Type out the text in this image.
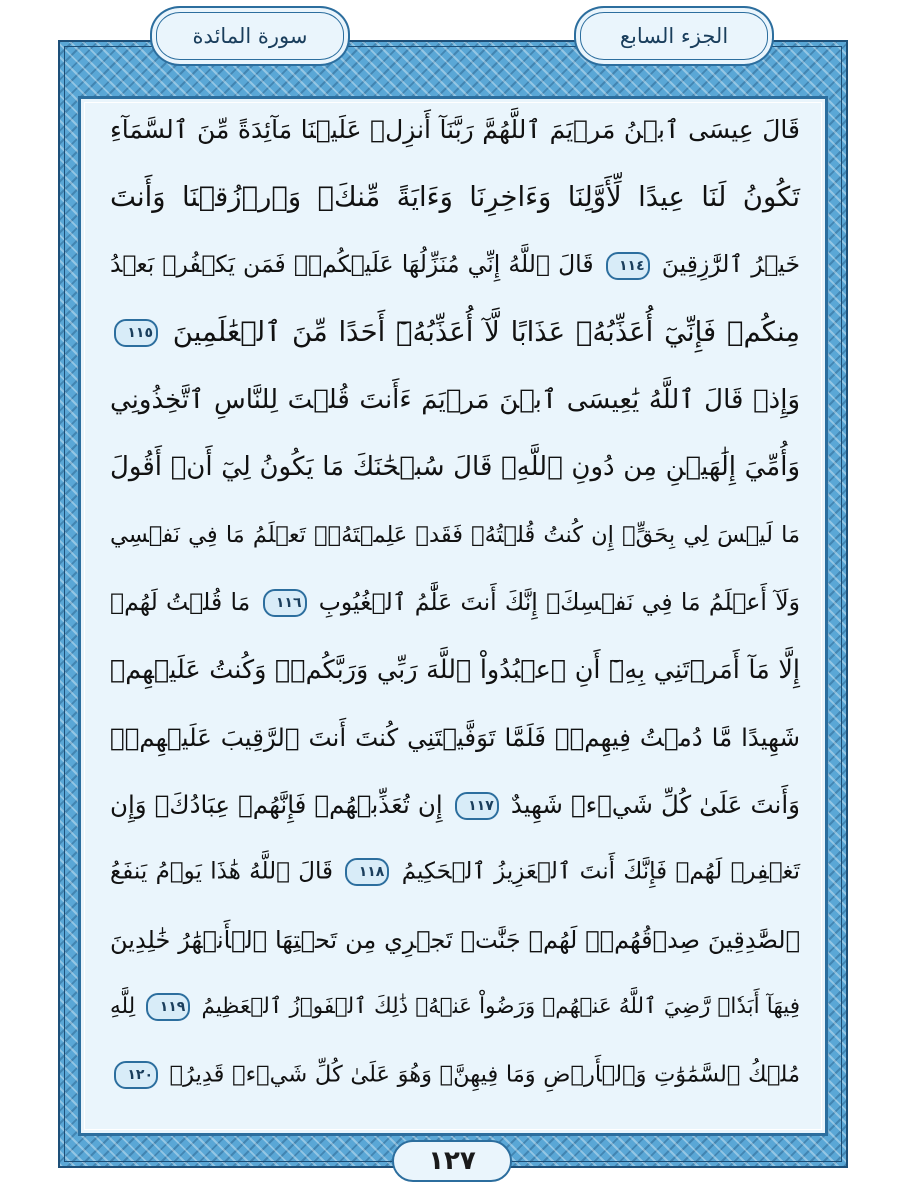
سورة المائدة	الجزء السابع
قَالَ عِيسَى ٱبۡنُ مَرۡيَمَ ٱللَّهُمَّ رَبَّنَآ أَنزِلۡ عَلَيۡنَا مَآئِدَةً مِّنَ ٱلسَّمَآءِ
تَكُونُ لَنَا عِيدًا لِّأَوَّلِنَا وَءَاخِرِنَا وَءَايَةً مِّنكَۖ وَٱرۡزُقۡنَا وَأَنتَ
خَيۡرُ ٱلرَّٰزِقِينَ ١١٤ قَالَ ٱللَّهُ إِنِّي مُنَزِّلُهَا عَلَيۡكُمۡۖ فَمَن يَكۡفُرۡ بَعۡدُ
مِنكُمۡ فَإِنِّيٓ أُعَذِّبُهُۥ عَذَابًا لَّآ أُعَذِّبُهُۥٓ أَحَدًا مِّنَ ٱلۡعَٰلَمِينَ ١١٥
وَإِذۡ قَالَ ٱللَّهُ يَٰعِيسَى ٱبۡنَ مَرۡيَمَ ءَأَنتَ قُلۡتَ لِلنَّاسِ ٱتَّخِذُونِي
وَأُمِّيَ إِلَٰهَيۡنِ مِن دُونِ ٱللَّهِۖ قَالَ سُبۡحَٰنَكَ مَا يَكُونُ لِيٓ أَنۡ أَقُولَ
مَا لَيۡسَ لِي بِحَقٍّۚ إِن كُنتُ قُلۡتُهُۥ فَقَدۡ عَلِمۡتَهُۥۚ تَعۡلَمُ مَا فِي نَفۡسِي
وَلَآ أَعۡلَمُ مَا فِي نَفۡسِكَۚ إِنَّكَ أَنتَ عَلَّٰمُ ٱلۡغُيُوبِ ١١٦ مَا قُلۡتُ لَهُمۡ
إِلَّا مَآ أَمَرۡتَنِي بِهِۦٓ أَنِ ٱعۡبُدُواْ ٱللَّهَ رَبِّي وَرَبَّكُمۡۚ وَكُنتُ عَلَيۡهِمۡ
شَهِيدًا مَّا دُمۡتُ فِيهِمۡۖ فَلَمَّا تَوَفَّيۡتَنِي كُنتَ أَنتَ ٱلرَّقِيبَ عَلَيۡهِمۡۚ
وَأَنتَ عَلَىٰ كُلِّ شَيۡءٖ شَهِيدٌ ١١٧ إِن تُعَذِّبۡهُمۡ فَإِنَّهُمۡ عِبَادُكَۖ وَإِن
تَغۡفِرۡ لَهُمۡ فَإِنَّكَ أَنتَ ٱلۡعَزِيزُ ٱلۡحَكِيمُ ١١٨ قَالَ ٱللَّهُ هَٰذَا يَوۡمُ يَنفَعُ
ٱلصَّٰدِقِينَ صِدۡقُهُمۡۚ لَهُمۡ جَنَّٰتٞ تَجۡرِي مِن تَحۡتِهَا ٱلۡأَنۡهَٰرُ خَٰلِدِينَ
فِيهَآ أَبَدٗاۖ رَّضِيَ ٱللَّهُ عَنۡهُمۡ وَرَضُواْ عَنۡهُۚ ذَٰلِكَ ٱلۡفَوۡزُ ٱلۡعَظِيمُ ١١٩ لِلَّهِ
مُلۡكُ ٱلسَّمَٰوَٰتِ وَٱلۡأَرۡضِ وَمَا فِيهِنَّۚ وَهُوَ عَلَىٰ كُلِّ شَيۡءٖ قَدِيرُۢ ١٢٠
١٢٧
